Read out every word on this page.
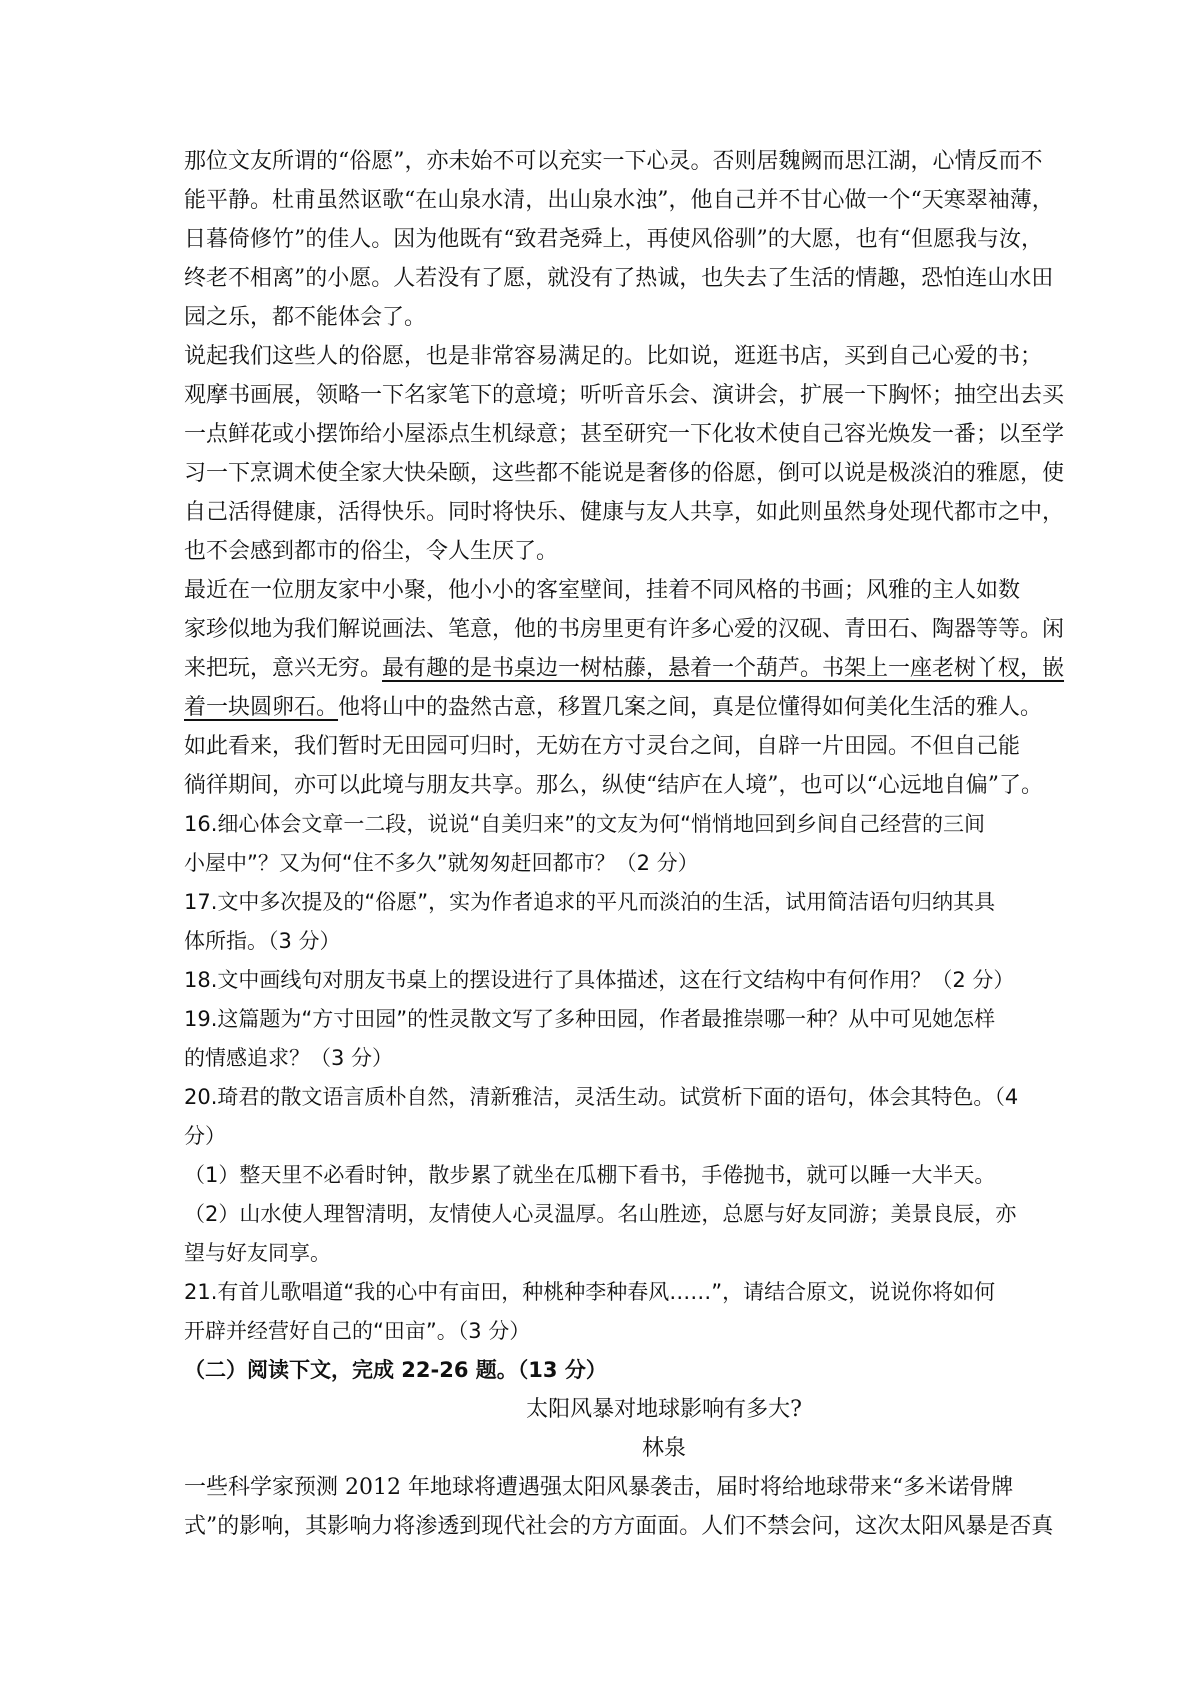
那位文友所谓的“俗愿”，亦未始不可以充实一下心灵。否则居魏阙而思江湖，心情反而不
能平静。杜甫虽然讴歌“在山泉水清，出山泉水浊”，他自己并不甘心做一个“天寒翠袖薄，
日暮倚修竹”的佳人。因为他既有“致君尧舜上，再使风俗驯”的大愿，也有“但愿我与汝，
终老不相离”的小愿。人若没有了愿，就没有了热诚，也失去了生活的情趣，恐怕连山水田
园之乐，都不能体会了。
说起我们这些人的俗愿，也是非常容易满足的。比如说，逛逛书店，买到自己心爱的书；
观摩书画展，领略一下名家笔下的意境；听听音乐会、演讲会，扩展一下胸怀；抽空出去买
一点鲜花或小摆饰给小屋添点生机绿意；甚至研究一下化妆术使自己容光焕发一番；以至学
习一下烹调术使全家大快朵颐，这些都不能说是奢侈的俗愿，倒可以说是极淡泊的雅愿，使
自己活得健康，活得快乐。同时将快乐、健康与友人共享，如此则虽然身处现代都市之中，
也不会感到都市的俗尘，令人生厌了。
最近在一位朋友家中小聚，他小小的客室壁间，挂着不同风格的书画；风雅的主人如数
家珍似地为我们解说画法、笔意，他的书房里更有许多心爱的汉砚、青田石、陶器等等。闲
来把玩，意兴无穷。最有趣的是书桌边一树枯藤，悬着一个葫芦。书架上一座老树丫杈，嵌
着一块圆卵石。他将山中的盎然古意，移置几案之间，真是位懂得如何美化生活的雅人。
如此看来，我们暂时无田园可归时，无妨在方寸灵台之间，自辟一片田园。不但自己能
徜徉期间，亦可以此境与朋友共享。那么，纵使“结庐在人境”，也可以“心远地自偏”了。
16.细心体会文章一二段，说说“自美归来”的文友为何“悄悄地回到乡间自己经营的三间
小屋中”？又为何“住不多久”就匆匆赶回都市？（2 分）
17.文中多次提及的“俗愿”，实为作者追求的平凡而淡泊的生活，试用简洁语句归纳其具
体所指。（3 分）
18.文中画线句对朋友书桌上的摆设进行了具体描述，这在行文结构中有何作用？（2 分）
19.这篇题为“方寸田园”的性灵散文写了多种田园，作者最推崇哪一种？从中可见她怎样
的情感追求？（3 分）
20.琦君的散文语言质朴自然，清新雅洁，灵活生动。试赏析下面的语句，体会其特色。（4
分）
（1）整天里不必看时钟，散步累了就坐在瓜棚下看书，手倦抛书，就可以睡一大半天。
（2）山水使人理智清明，友情使人心灵温厚。名山胜迹，总愿与好友同游；美景良辰，亦
望与好友同享。
21.有首儿歌唱道“我的心中有亩田，种桃种李种春风……”，请结合原文，说说你将如何
开辟并经营好自己的“田亩”。（3 分）
（二）阅读下文，完成 22-26 题。（13 分）
太阳风暴对地球影响有多大?
林泉
一些科学家预测 2012 年地球将遭遇强太阳风暴袭击，届时将给地球带来“多米诺骨牌
式”的影响，其影响力将渗透到现代社会的方方面面。人们不禁会问，这次太阳风暴是否真
